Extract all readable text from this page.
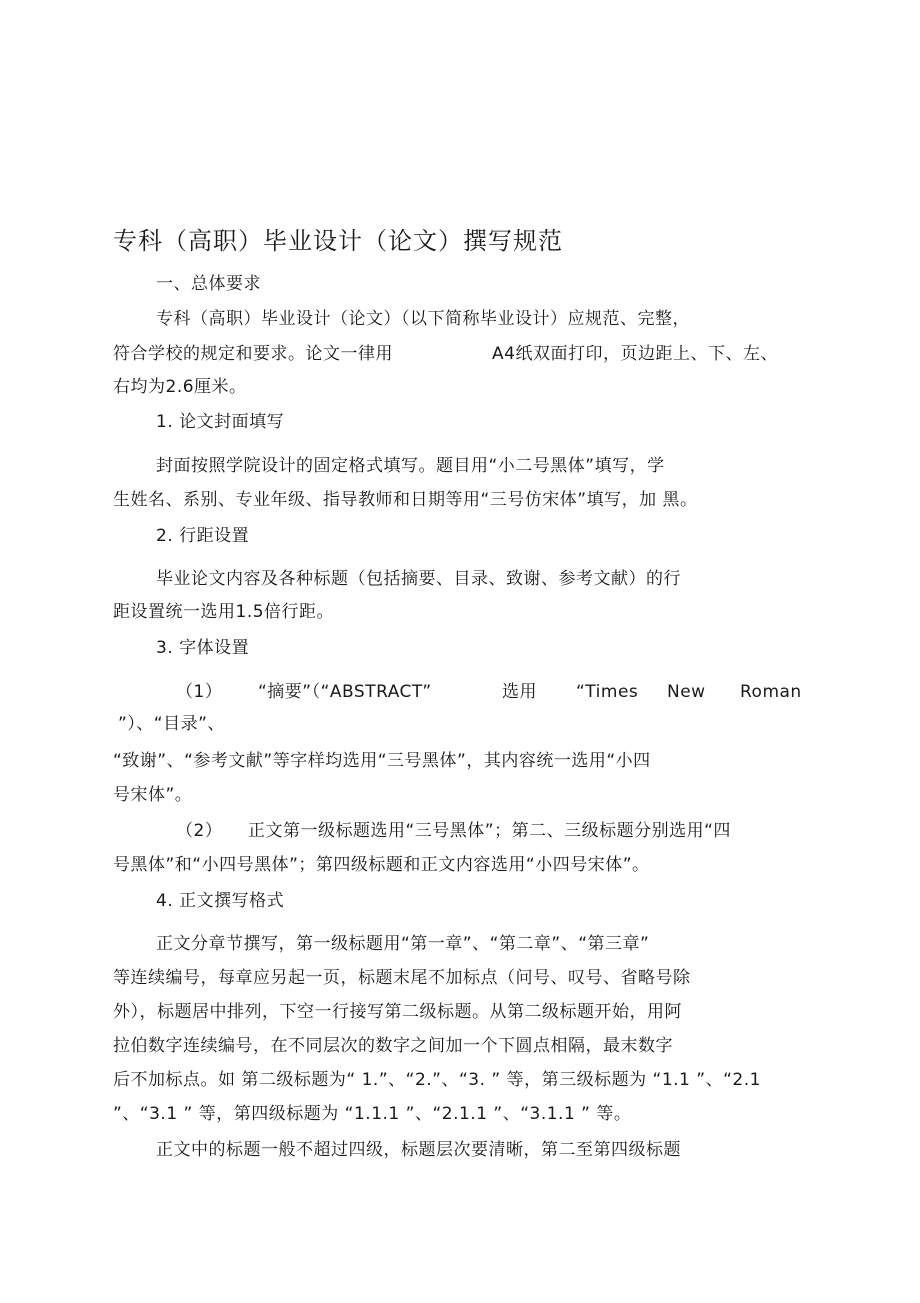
专科（高职）毕业设计（论文）撰写规范
一、总体要求
专科（高职）毕业设计（论文）（以下简称毕业设计）应规范、完整，
符合学校的规定和要求。论文一律用	A4纸双面打印，页边距上、下、左、
右均为2.6厘米。
1. 论文封面填写
封面按照学院设计的固定格式填写。题目用“小二号黑体”填写，学
生姓名、系别、专业年级、指导教师和日期等用“三号仿宋体”填写，加 黑。
2. 行距设置
毕业论文内容及各种标题（包括摘要、目录、致谢、参考文献）的行
距设置统一选用1.5倍行距。
3. 字体设置
（1） “摘要”（“ABSTRACT”	选用 “Times New Roman
”）、“目录”、
“致谢”、“参考文献”等字样均选用“三号黑体”，其内容统一选用“小四
号宋体”。
（2） 正文第一级标题选用“三号黑体”；第二、三级标题分别选用“四
号黑体”和“小四号黑体”；第四级标题和正文内容选用“小四号宋体”。
4. 正文撰写格式
正文分章节撰写，第一级标题用“第一章”、“第二章”、“第三章”
等连续编号，每章应另起一页，标题末尾不加标点（问号、叹号、省略号除
外），标题居中排列，下空一行接写第二级标题。从第二级标题开始，用阿
拉伯数字连续编号，在不同层次的数字之间加一个下圆点相隔，最末数字
后不加标点。如 第二级标题为“ 1.”、“2.”、“3. ” 等，第三级标题为 “1.1 ”、“2.1
”、“3.1 ” 等，第四级标题为 “1.1.1 ”、“2.1.1 ”、“3.1.1 ” 等。
正文中的标题一般不超过四级，标题层次要清晰，第二至第四级标题
